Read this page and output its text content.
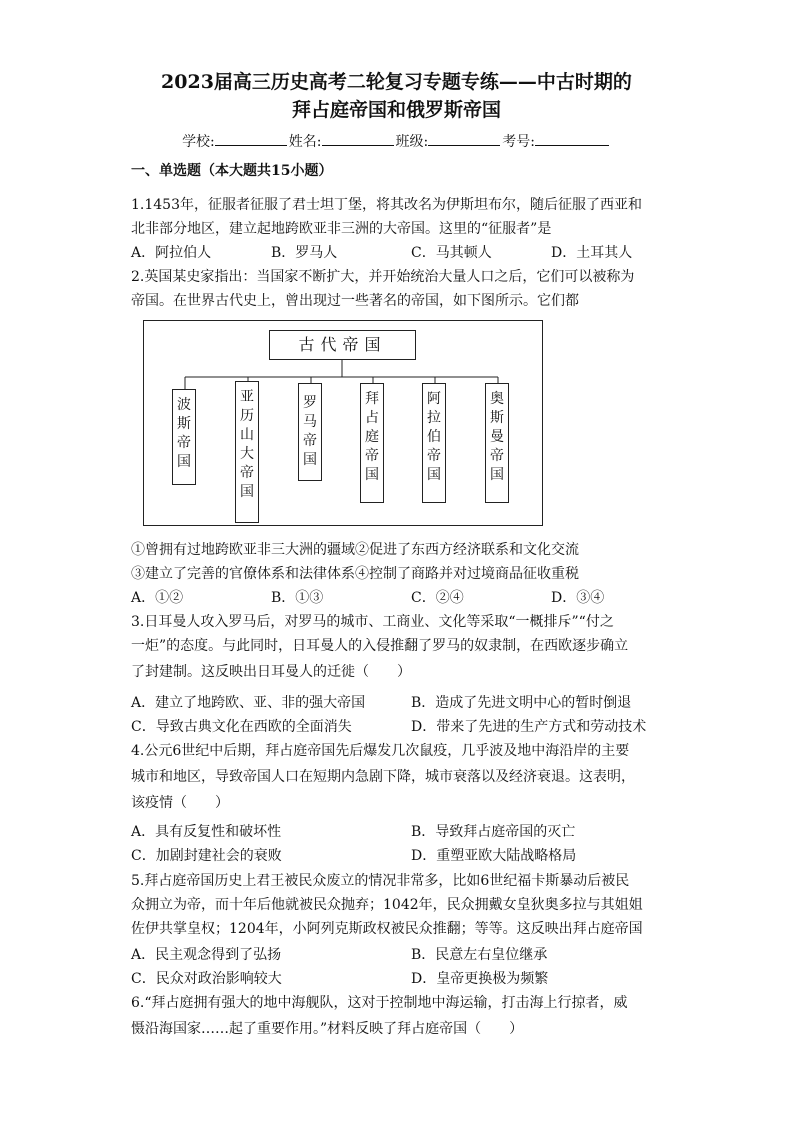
2023届高三历史高考二轮复习专题专练——中古时期的
拜占庭帝国和俄罗斯帝国
学校:	姓名:	班级:	考号:
一、单选题（本大题共15小题）
1.1453年，征服者征服了君士坦丁堡，将其改名为伊斯坦布尔，随后征服了西亚和
北非部分地区，建立起地跨欧亚非三洲的大帝国。这里的“征服者”是
A．阿拉伯人	B．罗马人	C．马其顿人	D．土耳其人
2.英国某史家指出：当国家不断扩大，并开始统治大量人口之后，它们可以被称为
帝国。在世界古代史上，曾出现过一些著名的帝国，如下图所示。它们都
古代帝国
波斯帝国
亚历山大帝国
罗马帝国
拜占庭帝国
阿拉伯帝国
奥斯曼帝国
①曾拥有过地跨欧亚非三大洲的疆域②促进了东西方经济联系和文化交流
③建立了完善的官僚体系和法律体系④控制了商路并对过境商品征收重税
A．①②	B．①③	C．②④	D．③④
3.日耳曼人攻入罗马后，对罗马的城市、工商业、文化等采取“一概排斥”“付之
一炬”的态度。与此同时，日耳曼人的入侵推翻了罗马的奴隶制，在西欧逐步确立
了封建制。这反映出日耳曼人的迁徙（　　）
A．建立了地跨欧、亚、非的强大帝国	B．造成了先进文明中心的暂时倒退
C．导致古典文化在西欧的全面消失	D．带来了先进的生产方式和劳动技术
4.公元6世纪中后期，拜占庭帝国先后爆发几次鼠疫，几乎波及地中海沿岸的主要
城市和地区，导致帝国人口在短期内急剧下降，城市衰落以及经济衰退。这表明，
该疫情（　　）
A．具有反复性和破坏性	B．导致拜占庭帝国的灭亡
C．加剧封建社会的衰败	D．重塑亚欧大陆战略格局
5.拜占庭帝国历史上君王被民众废立的情况非常多，比如6世纪福卡斯暴动后被民
众拥立为帝，而十年后他就被民众抛弃；1042年，民众拥戴女皇狄奥多拉与其姐姐
佐伊共掌皇权；1204年，小阿列克斯政权被民众推翻；等等。这反映出拜占庭帝国
A．民主观念得到了弘扬	B．民意左右皇位继承
C．民众对政治影响较大	D．皇帝更换极为频繁
6.“拜占庭拥有强大的地中海舰队，这对于控制地中海运输，打击海上行掠者，威
慑沿海国家……起了重要作用。”材料反映了拜占庭帝国（　　）
